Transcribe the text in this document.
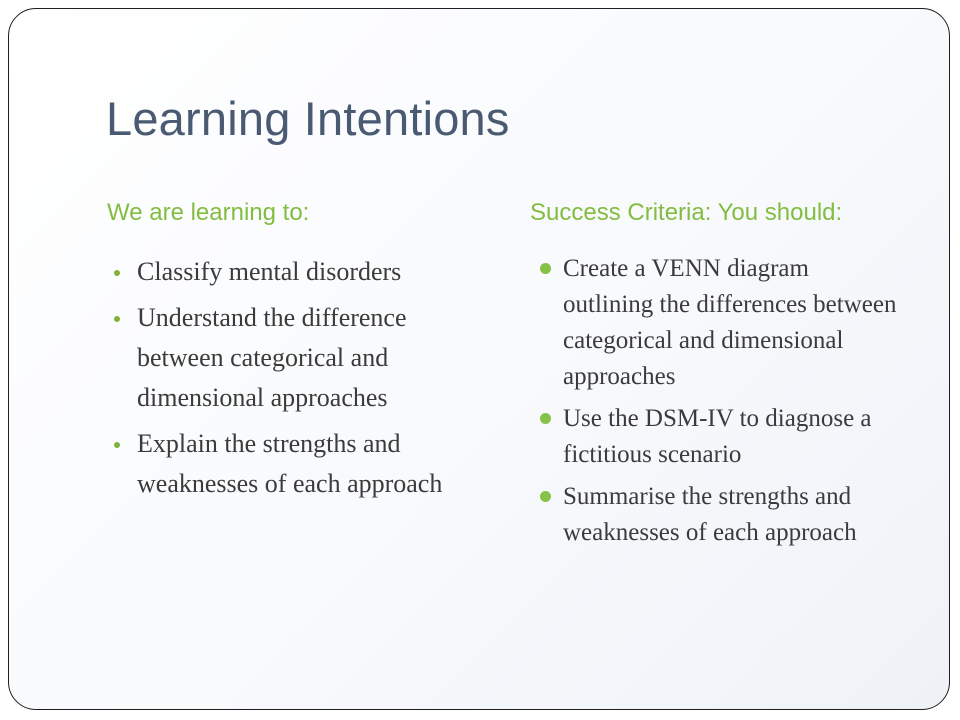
Learning Intentions
We are learning to:	Success Criteria: You should:
Classify mental disorders
Understand the difference between categorical and dimensional approaches
Explain the strengths and weaknesses of each approach
Create a VENN diagram outlining the differences between categorical and dimensional approaches
Use the DSM-IV to diagnose a fictitious scenario
Summarise the strengths and weaknesses of each approach
